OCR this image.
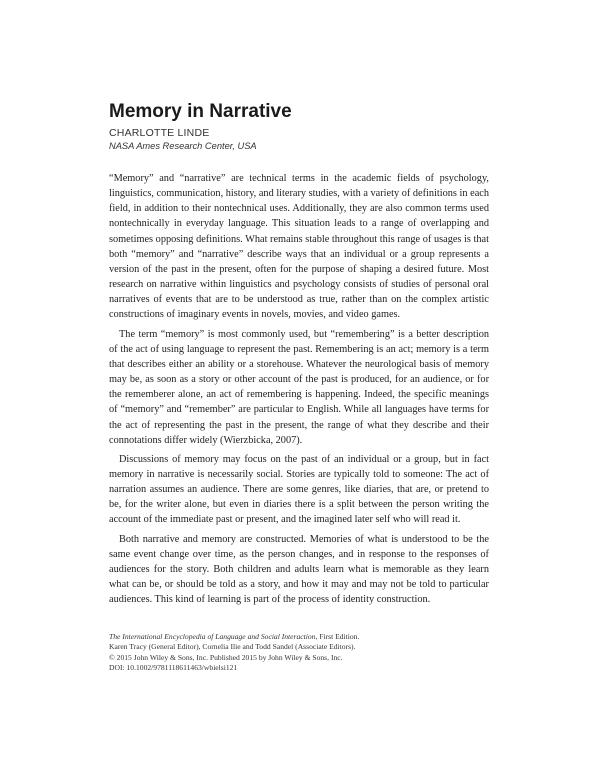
Memory in Narrative
CHARLOTTE LINDE
NASA Ames Research Center, USA

“Memory” and “narrative” are technical terms in the academic fields of psychology, linguistics, communication, history, and literary studies, with a variety of definitions in each field, in addition to their nontechnical uses. Additionally, they are also common terms used nontechnically in everyday language. This situation leads to a range of overlapping and sometimes opposing definitions. What remains stable throughout this range of usages is that both “memory” and “narrative” describe ways that an individual or a group represents a version of the past in the present, often for the purpose of shaping a desired future. Most research on narrative within linguistics and psychology consists of studies of personal oral narratives of events that are to be understood as true, rather than on the complex artistic constructions of imaginary events in novels, movies, and video games.

The term “memory” is most commonly used, but “remembering” is a better description of the act of using language to represent the past. Remembering is an act; memory is a term that describes either an ability or a storehouse. Whatever the neurological basis of memory may be, as soon as a story or other account of the past is produced, for an audience, or for the rememberer alone, an act of remembering is happening. Indeed, the specific meanings of “memory” and “remember” are particular to English. While all languages have terms for the act of representing the past in the present, the range of what they describe and their connotations differ widely (Wierzbicka, 2007).

Discussions of memory may focus on the past of an individual or a group, but in fact memory in narrative is necessarily social. Stories are typically told to someone: The act of narration assumes an audience. There are some genres, like diaries, that are, or pretend to be, for the writer alone, but even in diaries there is a split between the person writing the account of the immediate past or present, and the imagined later self who will read it.

Both narrative and memory are constructed. Memories of what is understood to be the same event change over time, as the person changes, and in response to the responses of audiences for the story. Both children and adults learn what is memorable as they learn what can be, or should be told as a story, and how it may and may not be told to particular audiences. This kind of learning is part of the process of identity construction.

The International Encyclopedia of Language and Social Interaction, First Edition.
Karen Tracy (General Editor), Cornelia Ilie and Todd Sandel (Associate Editors).
© 2015 John Wiley & Sons, Inc. Published 2015 by John Wiley & Sons, Inc.
DOI: 10.1002/9781118611463/wbielsi121
